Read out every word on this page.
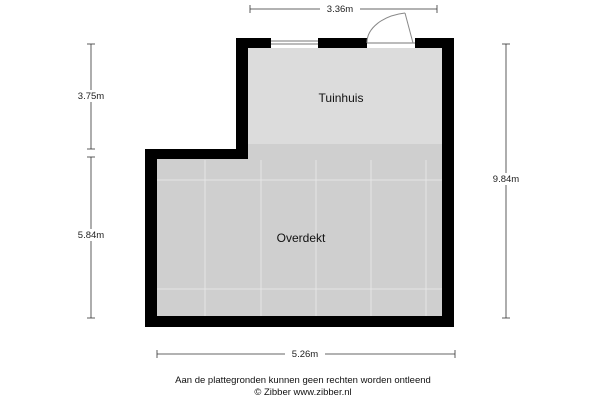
Tuinhuis
Overdekt
3.36m
3.75m
5.84m
9.84m
5.26m
Aan de plattegronden kunnen geen rechten worden ontleend
© Zibber www.zibber.nl
